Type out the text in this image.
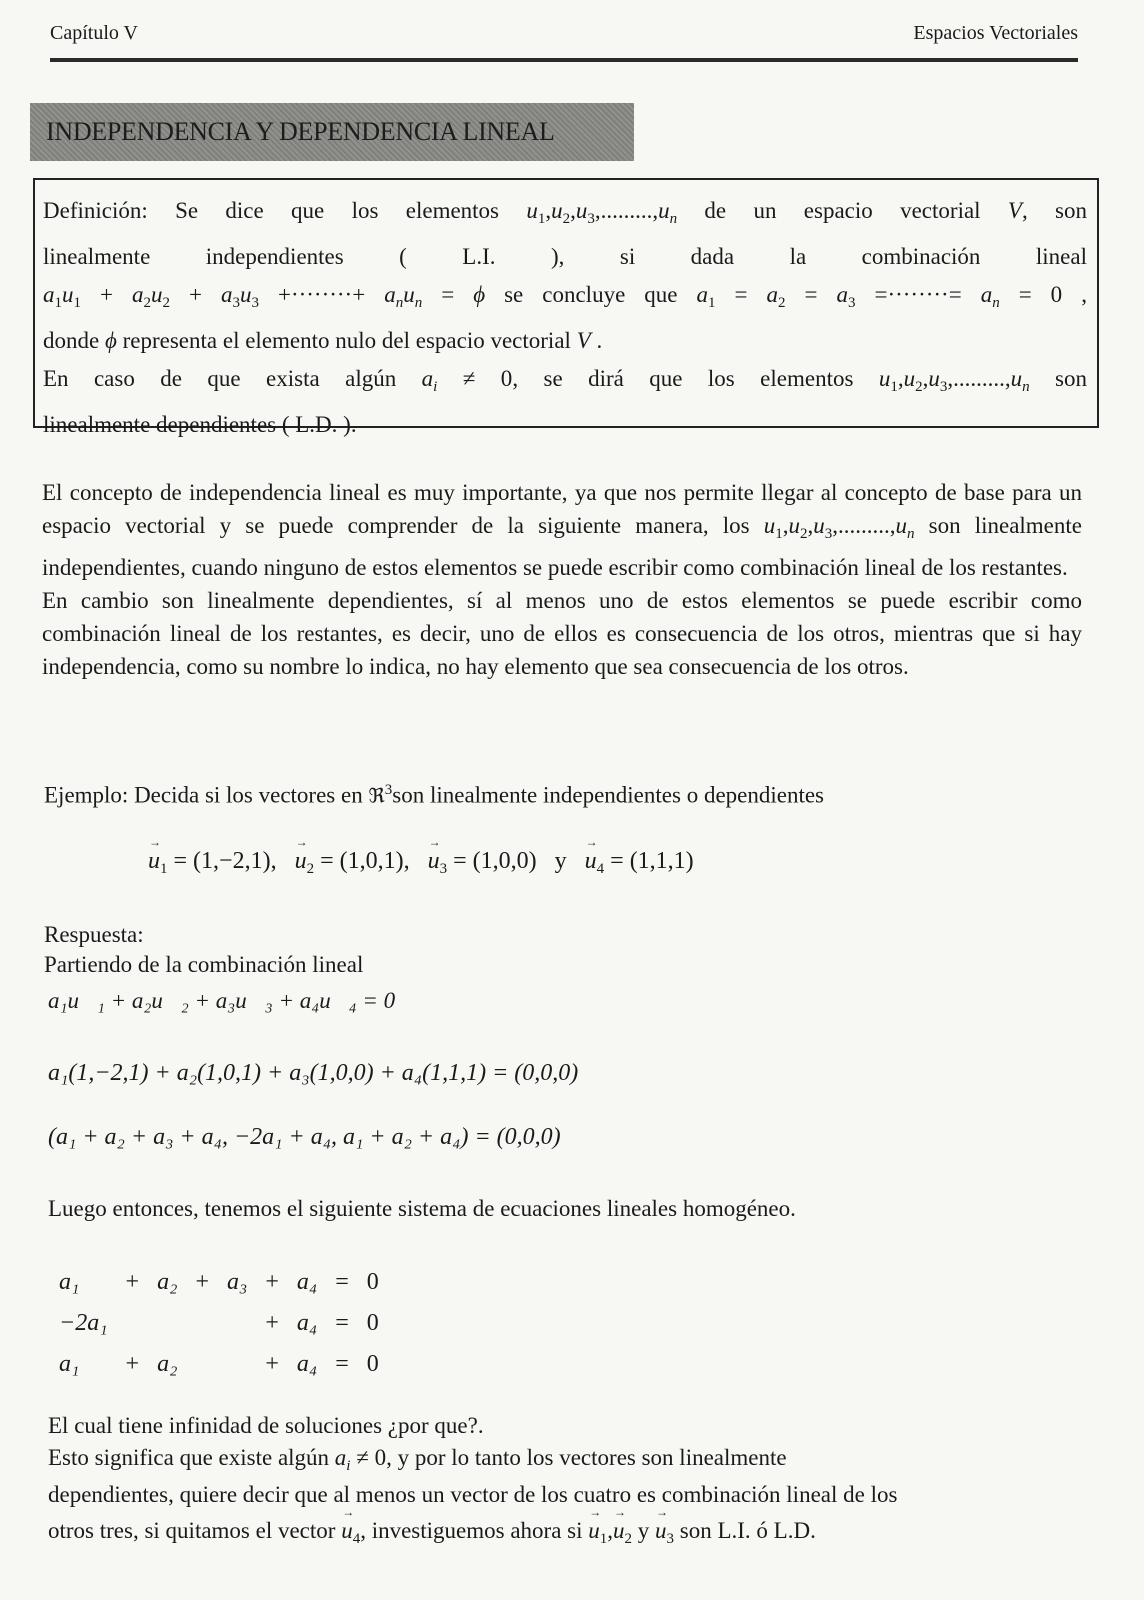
Capítulo V	Espacios Vectoriales
INDEPENDENCIA Y DEPENDENCIA LINEAL

Definición: Se dice que los elementos $u_1,u_2,u_3,.........,u_n$ de un espacio vectorial V, son

linealmente independientes ( L.I. ), si dada la combinación lineal

$a_1u_1 + a_2u_2 + a_3u_3$ +········+ $a_nu_n = \phi$ se concluye que $a_1 = a_2 = a_3$ =········= $a_n = 0$ ,

donde ϕ representa el elemento nulo del espacio vectorial V .

En caso de que exista algún $a_i \ne 0$, se dirá que los elementos $u_1,u_2,u_3,.........,u_n$ son

linealmente dependientes ( L.D. ).

El concepto de independencia lineal es muy importante, ya que nos permite llegar al concepto de base para un espacio vectorial y se puede comprender de la siguiente manera, los $u_1,u_2,u_3,.........,u_n$ son linealmente independientes, cuando ninguno de estos elementos se puede escribir como combinación lineal de los restantes.

En cambio son linealmente dependientes, sí al menos uno de estos elementos se puede escribir como combinación lineal de los restantes, es decir, uno de ellos es consecuencia de los otros, mientras que si hay independencia, como su nombre lo indica, no hay elemento que sea consecuencia de los otros.

Ejemplo: Decida si los vectores en ℜ$^3$son linealmente independientes o dependientes
→ $u_1 = (1,-2,1)$, → $u_2 = (1,0,1)$, → $u_3 = (1,0,0) y \to u_4 = (1,1,1)$
Respuesta:
Partiendo de la combinación lineal
a₁u⃗₁ + a₂u⃗₂ + a₃u⃗₃ + a₄u⃗₄ = 0⃗
a₁(1,−2,1) + a₂(1,0,1) + a₃(1,0,0) + a₄(1,1,1) = (0,0,0)
(a₁ + a₂ + a₃ + a₄, −2a₁ + a₄, a₁ + a₂ + a₄) = (0,0,0)
Luego entonces, tenemos el siguiente sistema de ecuaciones lineales homogéneo.
a₁	+	a₂	+	a₃	+	a₄	=	0
−2a₁					+	a₄	=	0
a₁	+	a₂			+	a₄	=	0
El cual tiene infinidad de soluciones ¿por que?.
Esto significa que existe algún $a_i \ne 0$, y por lo tanto los vectores son linealmente
dependientes, quiere decir que al menos un vector de los cuatro es combinación lineal de los
otros tres, si quitamos el vector → $u_4$, investiguemos ahora si → $u_1,\to u_2$ $y \to u_3$ son L.I. ó L.D.
